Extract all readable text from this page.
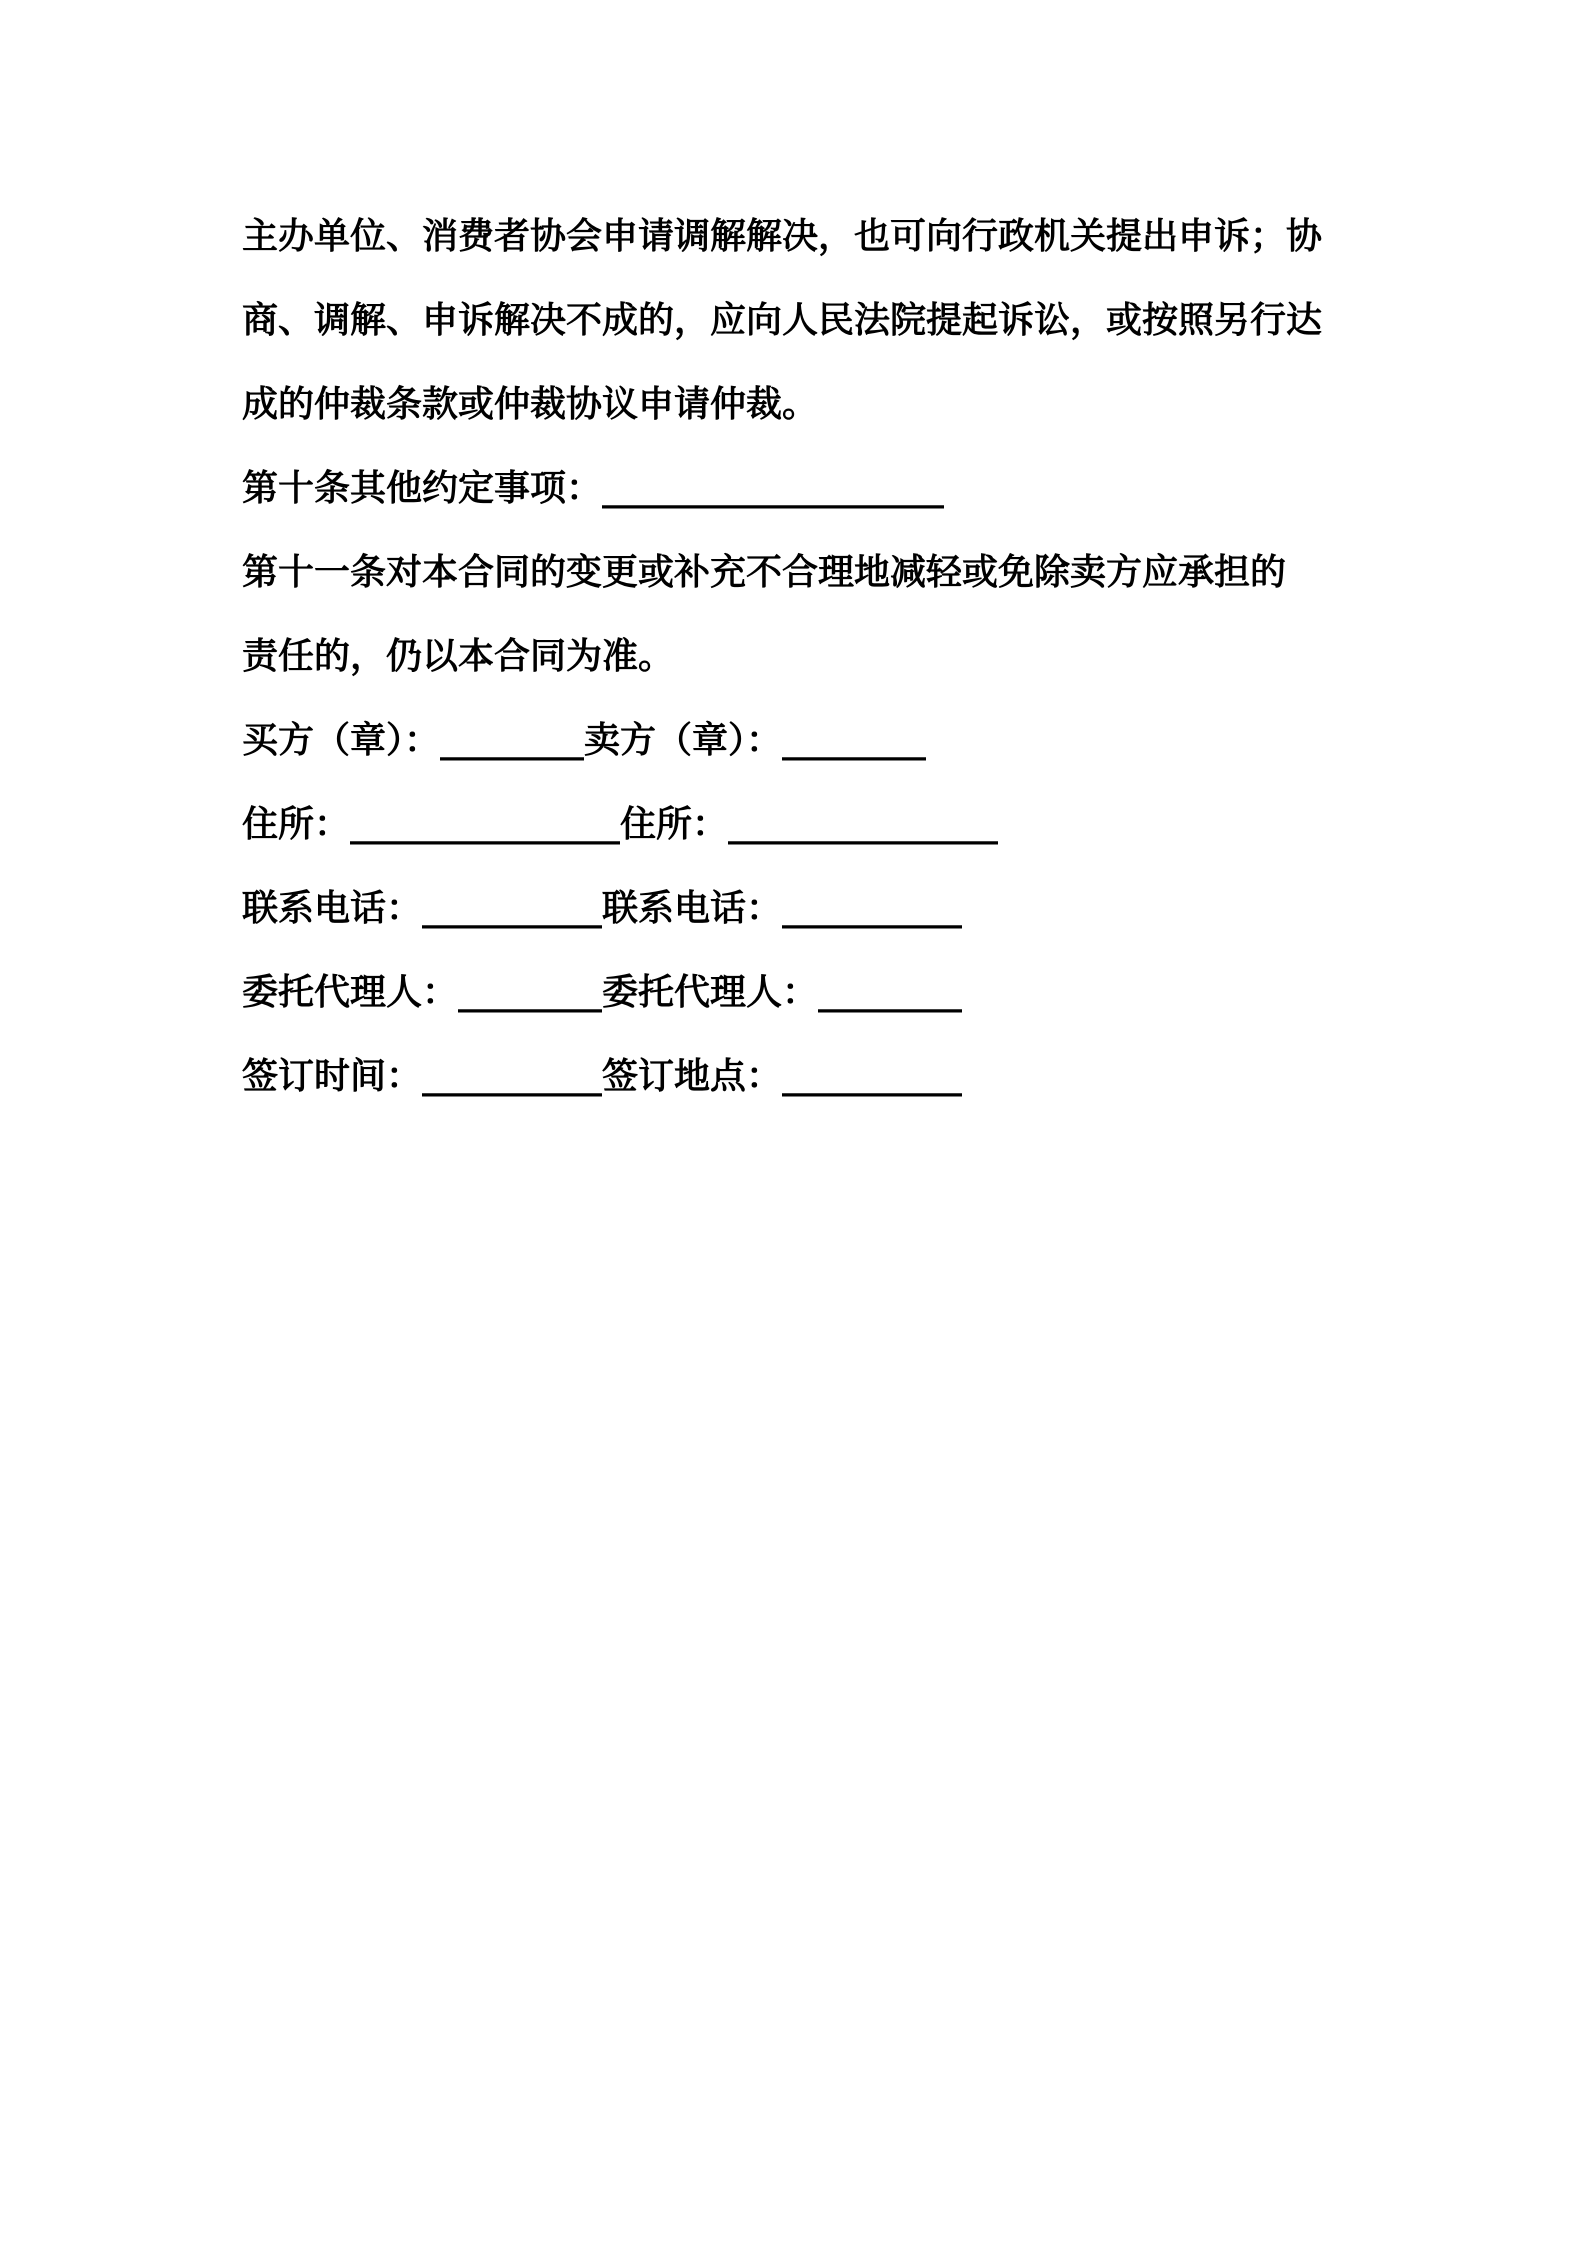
主办单位、消费者协会申请调解解决，也可向行政机关提出申诉；协
商、调解、申诉解决不成的，应向人民法院提起诉讼，或按照另行达
成的仲裁条款或仲裁协议申请仲裁。
第十条其他约定事项：___________________
第十一条对本合同的变更或补充不合理地减轻或免除卖方应承担的
责任的，仍以本合同为准。
买方（章）：________卖方（章）：________
住所：_______________住所：_______________
联系电话：__________联系电话：__________
委托代理人：________委托代理人：________
签订时间：__________签订地点：__________
